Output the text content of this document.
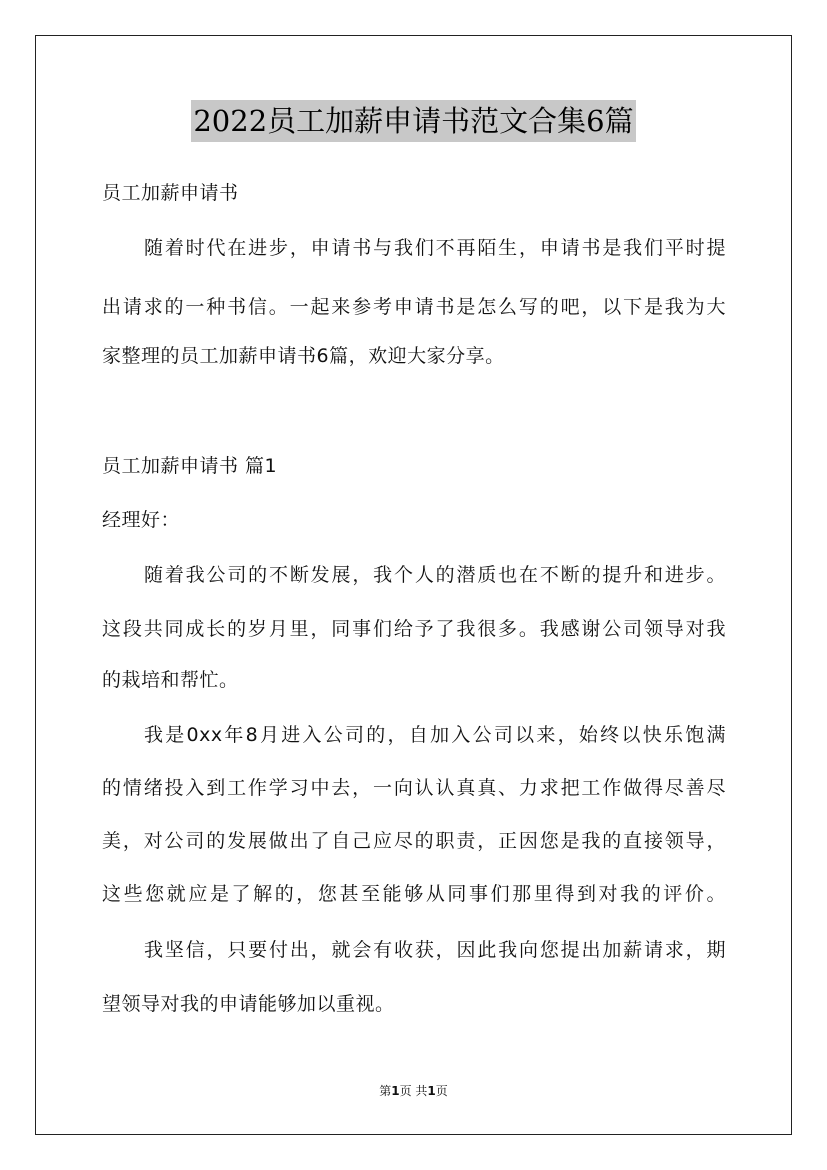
2022员工加薪申请书范文合集6篇
员工加薪申请书
随着时代在进步，申请书与我们不再陌生，申请书是我们平时提
出请求的一种书信。一起来参考申请书是怎么写的吧，以下是我为大
家整理的员工加薪申请书6篇，欢迎大家分享。
员工加薪申请书 篇1
经理好：
随着我公司的不断发展，我个人的潜质也在不断的提升和进步。
这段共同成长的岁月里，同事们给予了我很多。我感谢公司领导对我
的栽培和帮忙。
我是0xx年8月进入公司的，自加入公司以来，始终以快乐饱满
的情绪投入到工作学习中去，一向认认真真、力求把工作做得尽善尽
美，对公司的发展做出了自己应尽的职责，正因您是我的直接领导，
这些您就应是了解的，您甚至能够从同事们那里得到对我的评价。
我坚信，只要付出，就会有收获，因此我向您提出加薪请求，期
望领导对我的申请能够加以重视。
第1页 共1页
